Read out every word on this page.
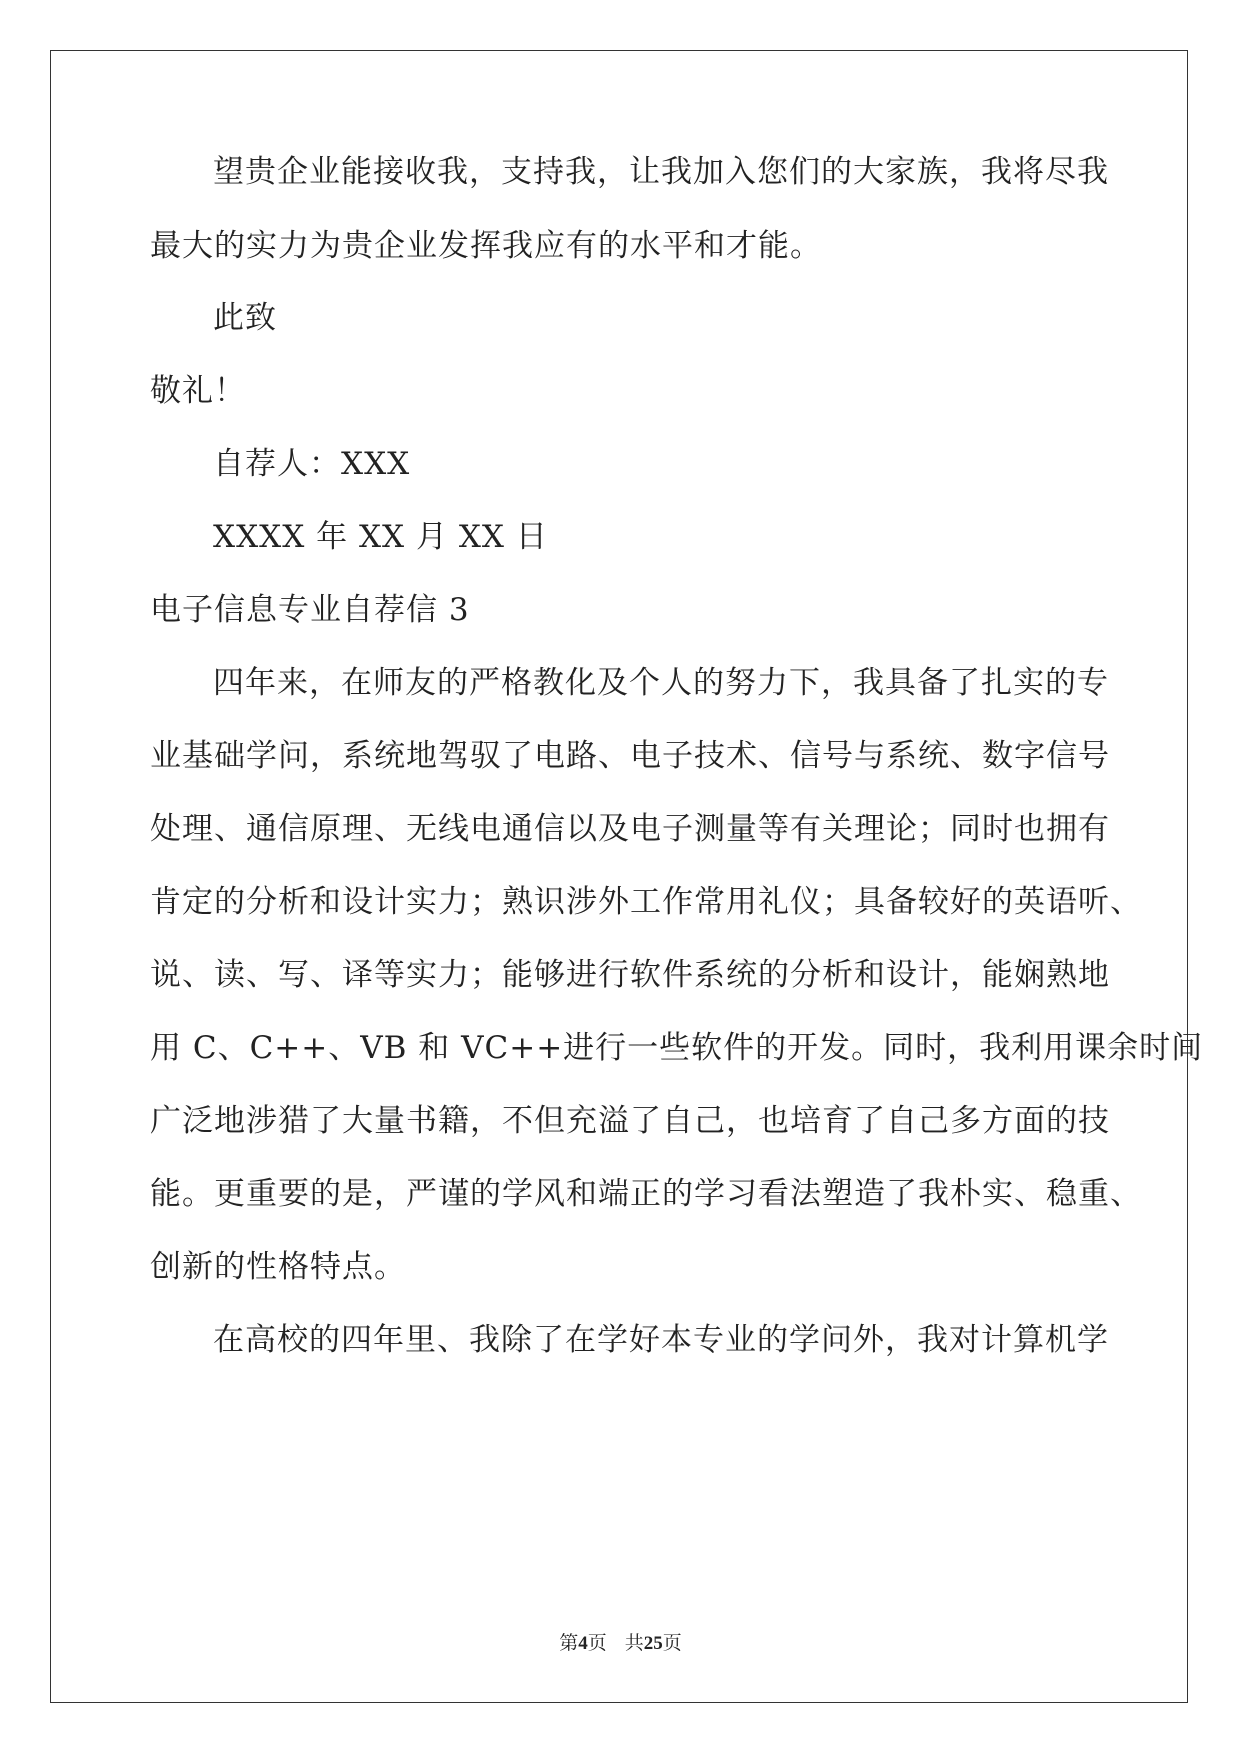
望贵企业能接收我，支持我，让我加入您们的大家族，我将尽我
最大的实力为贵企业发挥我应有的水平和才能。
此致
敬礼！
自荐人：XXX
XXXX 年 XX 月 XX 日
电子信息专业自荐信 3
四年来，在师友的严格教化及个人的努力下，我具备了扎实的专
业基础学问，系统地驾驭了电路、电子技术、信号与系统、数字信号
处理、通信原理、无线电通信以及电子测量等有关理论；同时也拥有
肯定的分析和设计实力；熟识涉外工作常用礼仪；具备较好的英语听、
说、读、写、译等实力；能够进行软件系统的分析和设计，能娴熟地
用 C、C++、VB 和 VC++进行一些软件的开发。同时，我利用课余时间
广泛地涉猎了大量书籍，不但充溢了自己，也培育了自己多方面的技
能。更重要的是，严谨的学风和端正的学习看法塑造了我朴实、稳重、
创新的性格特点。
在高校的四年里、我除了在学好本专业的学问外，我对计算机学
第4页 共25页
